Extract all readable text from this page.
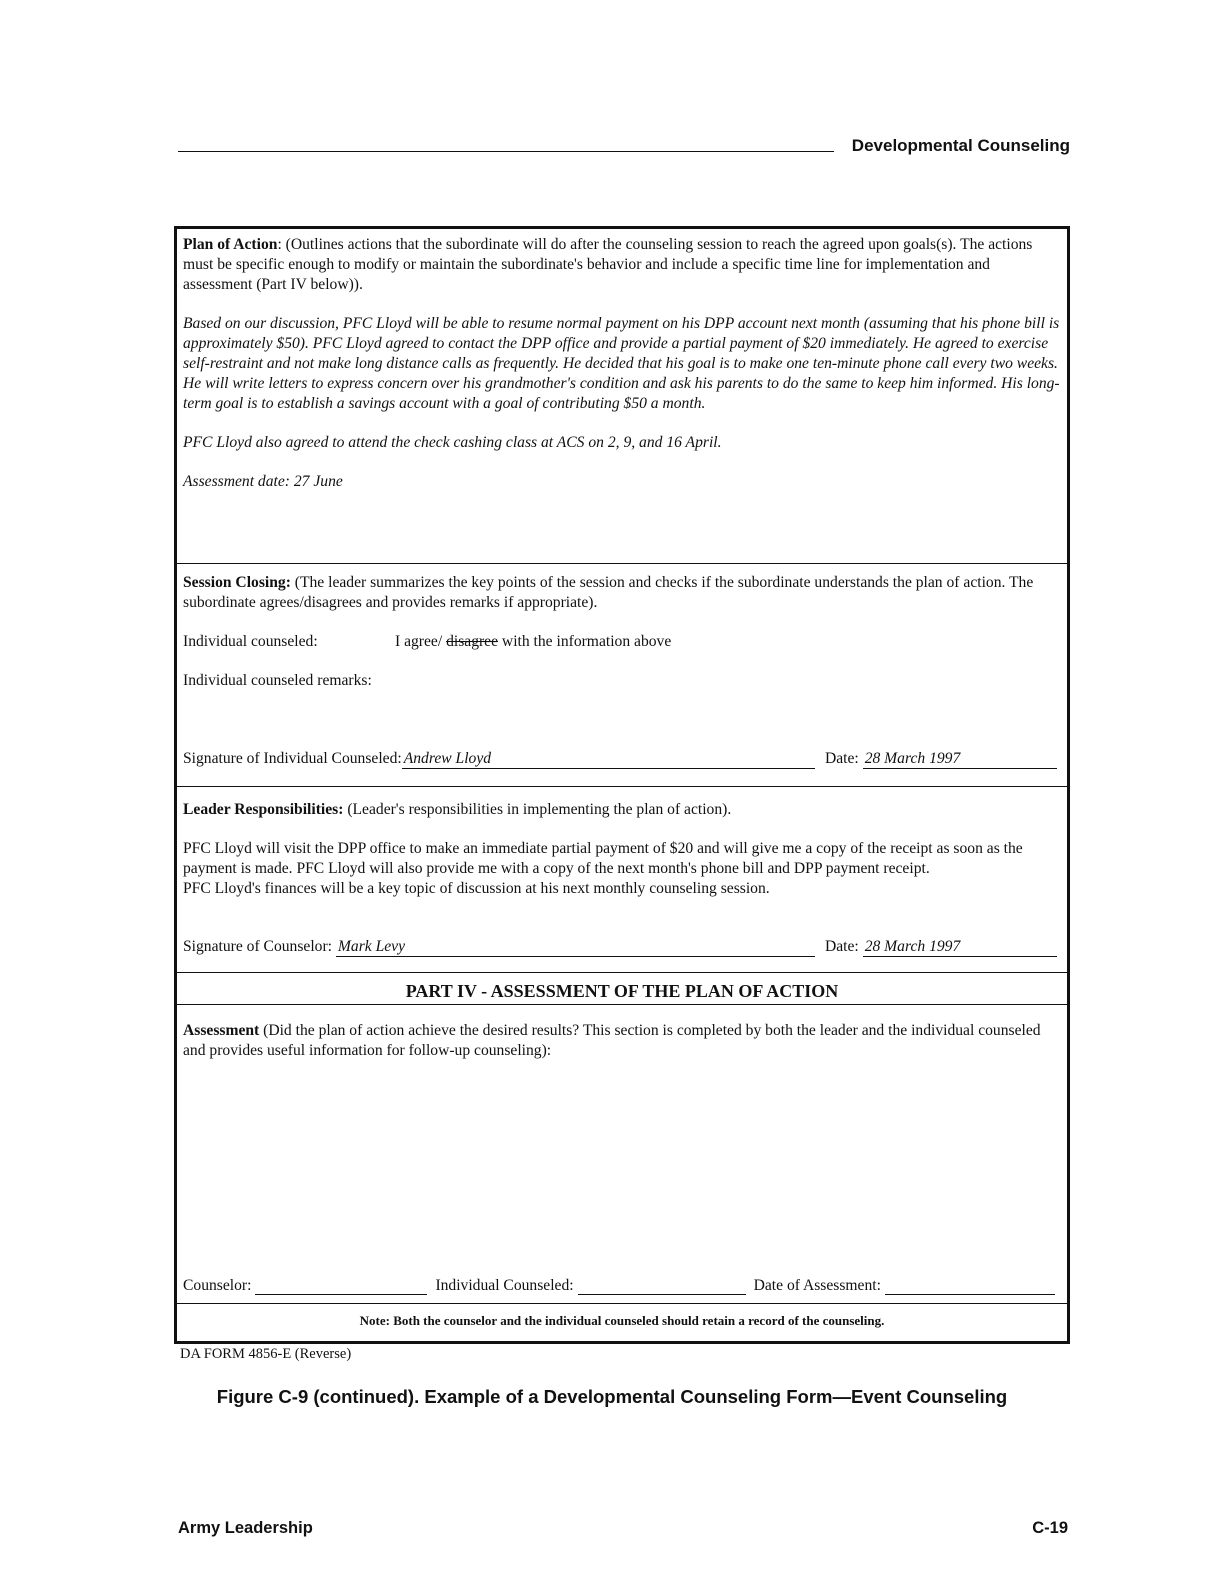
Developmental Counseling

Plan of Action: (Outlines actions that the subordinate will do after the counseling session to reach the agreed upon goals(s). The actions must be specific enough to modify or maintain the subordinate's behavior and include a specific time line for implementation and assessment (Part IV below)).

Based on our discussion, PFC Lloyd will be able to resume normal payment on his DPP account next month (assuming that his phone bill is approximately $50). PFC Lloyd agreed to contact the DPP office and provide a partial payment of $20 immediately. He agreed to exercise self-restraint and not make long distance calls as frequently. He decided that his goal is to make one ten-minute phone call every two weeks. He will write letters to express concern over his grandmother's condition and ask his parents to do the same to keep him informed. His long-term goal is to establish a savings account with a goal of contributing $50 a month.

PFC Lloyd also agreed to attend the check cashing class at ACS on 2, 9, and 16 April.

Assessment date: 27 June

Session Closing: (The leader summarizes the key points of the session and checks if the subordinate understands the plan of action. The subordinate agrees/disagrees and provides remarks if appropriate).

Individual counseled:	I agree/ disagree with the information above

Individual counseled remarks:

Signature of Individual Counseled: Andrew Lloyd	Date:
28 March 1997

Leader Responsibilities: (Leader's responsibilities in implementing the plan of action).

PFC Lloyd will visit the DPP office to make an immediate partial payment of $20 and will give me a copy of the receipt as soon as the payment is made. PFC Lloyd will also provide me with a copy of the next month's phone bill and DPP payment receipt.

PFC Lloyd's finances will be a key topic of discussion at his next monthly counseling session.

Signature of Counselor:
Mark Levy	Date:
28 March 1997
PART IV - ASSESSMENT OF THE PLAN OF ACTION

Assessment (Did the plan of action achieve the desired results? This section is completed by both the leader and the individual counseled and provides useful information for follow-up counseling):

Counselor:	Individual Counseled:	Date of Assessment:
Note: Both the counselor and the individual counseled should retain a record of the counseling.
DA FORM 4856-E (Reverse)
Figure C-9 (continued). Example of a Developmental Counseling Form—Event Counseling
Army Leadership	C-19
